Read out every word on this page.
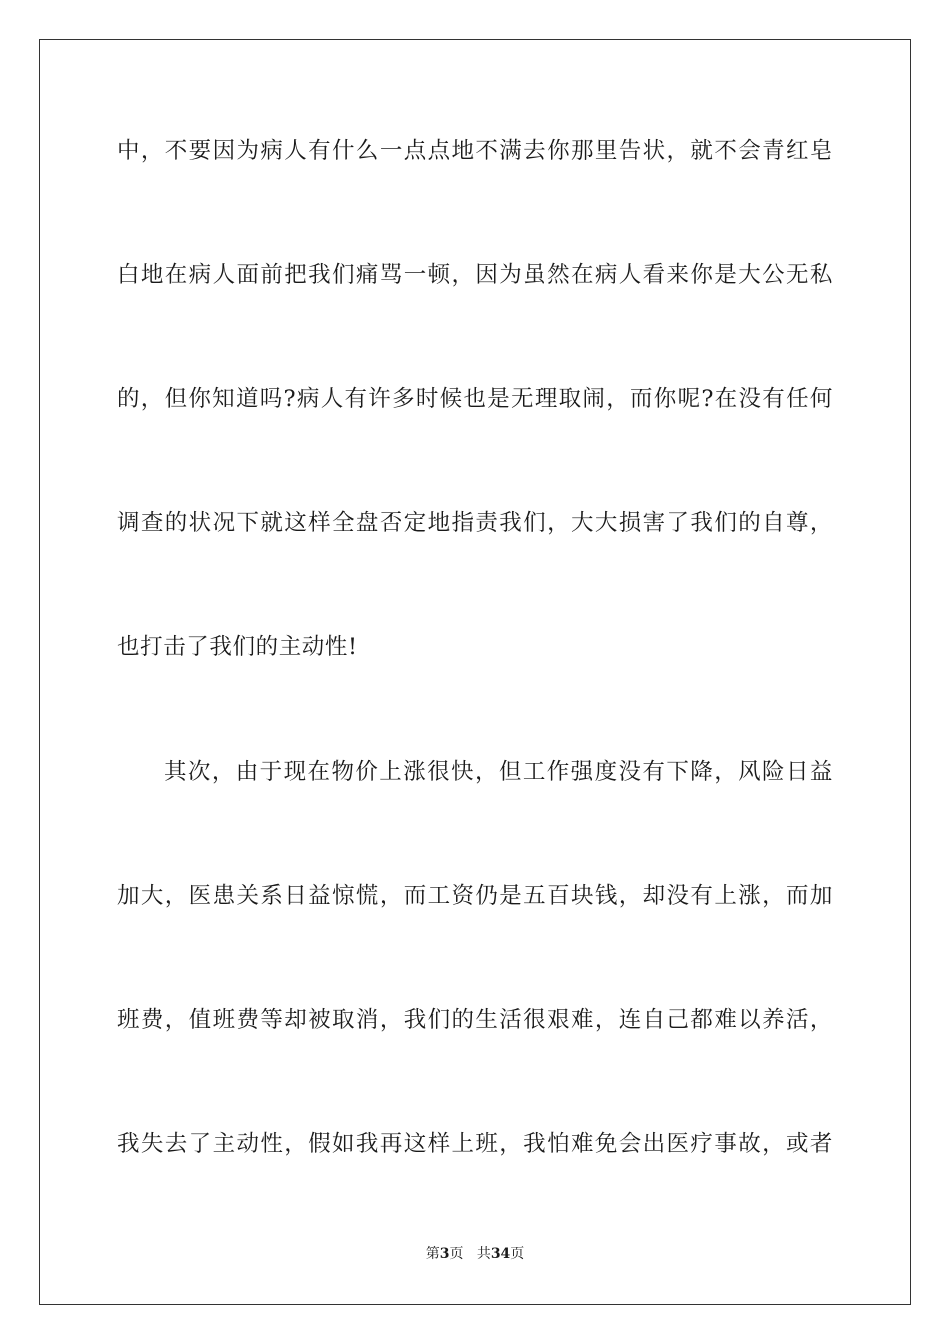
中，不要因为病人有什么一点点地不满去你那里告状，就不会青红皂
白地在病人面前把我们痛骂一顿，因为虽然在病人看来你是大公无私
的，但你知道吗?病人有许多时候也是无理取闹，而你呢?在没有任何
调查的状况下就这样全盘否定地指责我们，大大损害了我们的自尊，
也打击了我们的主动性!
其次，由于现在物价上涨很快，但工作强度没有下降，风险日益
加大，医患关系日益惊慌，而工资仍是五百块钱，却没有上涨，而加
班费，值班费等却被取消，我们的生活很艰难，连自己都难以养活，
我失去了主动性，假如我再这样上班，我怕难免会出医疗事故，或者
第3页 共34页
